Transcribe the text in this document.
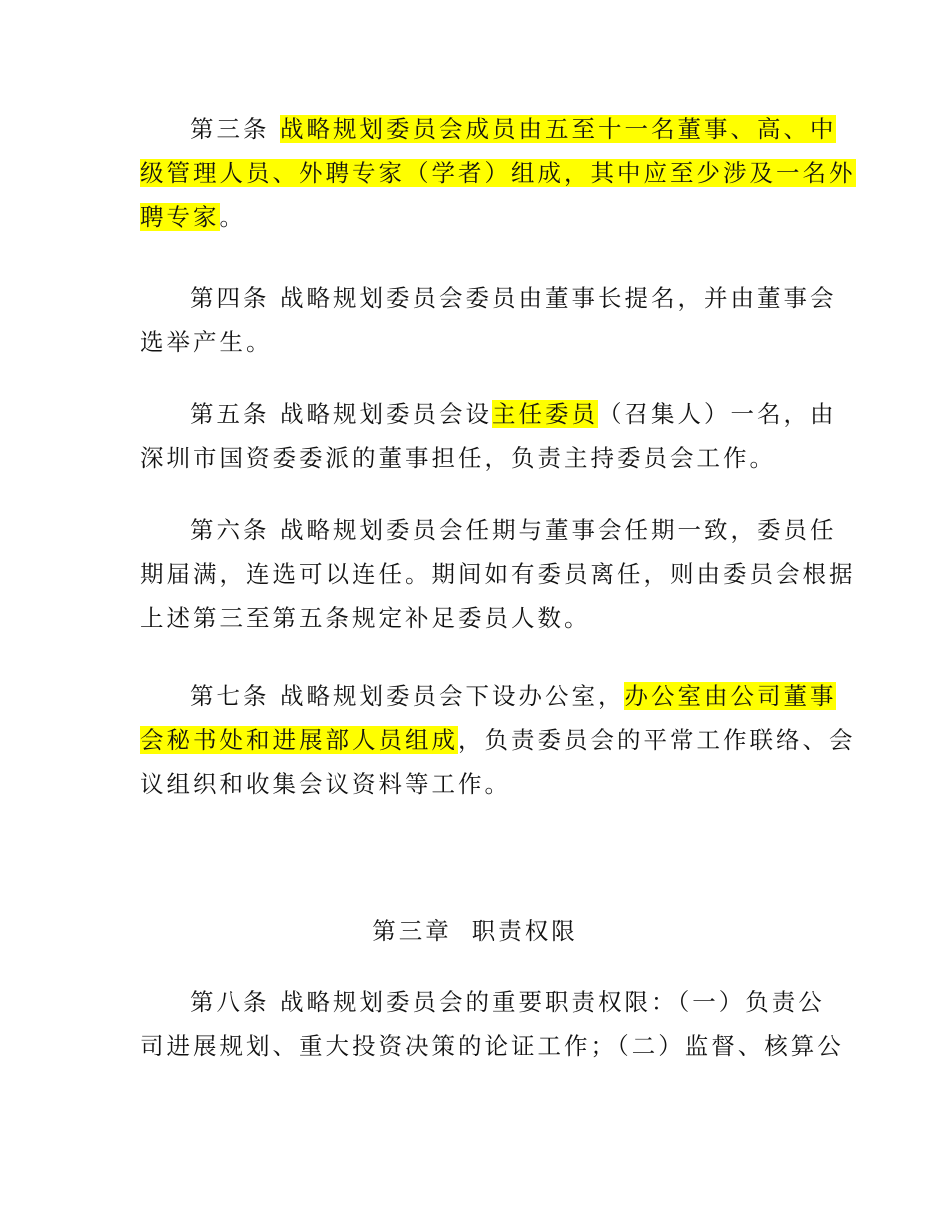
第三条 战略规划委员会成员由五至十一名董事、高、中
级管理人员、外聘专家（学者）组成，其中应至少涉及一名外
聘专家。
第四条 战略规划委员会委员由董事长提名，并由董事会
选举产生。
第五条 战略规划委员会设主任委员（召集人）一名，由
深圳市国资委委派的董事担任，负责主持委员会工作。
第六条 战略规划委员会任期与董事会任期一致，委员任
期届满，连选可以连任。期间如有委员离任，则由委员会根据
上述第三至第五条规定补足委员人数。
第七条 战略规划委员会下设办公室，办公室由公司董事
会秘书处和进展部人员组成，负责委员会的平常工作联络、会
议组织和收集会议资料等工作。

第三章 职责权限

第八条 战略规划委员会的重要职责权限：（一）负责公
司进展规划、重大投资决策的论证工作；（二）监督、核算公
